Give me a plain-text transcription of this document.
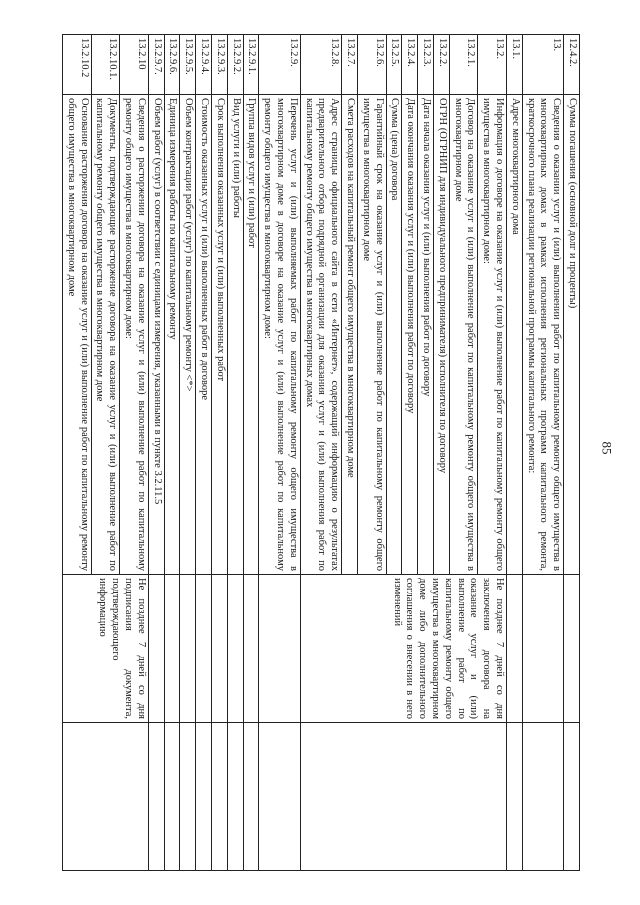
85
12.4.2.	Сумма погашения (основной долг и проценты)		
13.	Сведения о оказании услуг и (или) выполнении работ по капитальному ремонту общего имущества в многоквартирных домах в рамках исполнения региональных программ капитального ремонта, краткосрочного плана реализации региональной программы капитального ремонта:		
13.1.	Адрес многоквартирного дома		
13.2.	Информация о договоре на оказание услуг и (или) выполнение работ по капитальному ремонту общего имущества в многоквартирном доме:	Не позднее 7 дней со дня заключения договора на оказание услуг и (или) выполнение работ по капитальному ремонту общего имущества в многоквартирном доме либо дополнительного соглашения о внесении в него изменений	
13.2.1.	Договор на оказание услуг и (или) выполнение работ по капитальному ремонту общего имущества в многоквартирном доме		
13.2.2.	ОГРН (ОГРНИП для индивидуального предпринимателя) исполнителя по договору		
13.2.3.	Дата начала оказания услуг и (или) выполнения работ по договору		
13.2.4.	Дата окончания оказания услуг и (или) выполнения работ по договору		
13.2.5.	Сумма (цена) договора		
13.2.6.	Гарантийный срок на оказание услуг и (или) выполнение работ по капитальному ремонту общего имущества в многоквартирном доме		
13.2.7.	Смета расходов на капитальный ремонт общего имущества в многоквартирном доме		
13.2.8.	Адрес страницы официального сайта в сети «Интернет», содержащий информацию о результатах предварительного отбора подрядной организации для оказания услуг и (или) выполнения работ по капитальному ремонту общего имущества в многоквартирных домах		
13.2.9.	Перечень услуг и (или) выполняемых работ по капитальному ремонту общего имущества в многоквартирном доме в договоре на оказание услуг и (или) выполнение работ по капитальному ремонту общего имущества в многоквартирном доме:		
13.2.9.1.	Группа видов услуг и (или) работ		
13.2.9.2.	Вид услуги и (или) работы		
13.2.9.3.	Срок выполнения оказанных услуг и (или) выполненных работ		
13.2.9.4.	Стоимость оказанных услуг и (или) выполненных работ в договоре		
13.2.9.5.	Объем контрактации работ (услуг) по капитальному ремонту <*>		
13.2.9.6.	Единица измерения работы по капитальному ремонту		
13.2.9.7.	Объем работ (услуг) в соответствии с единицами измерения, указанными в пункте 3.2.11.5		
13.2.10	Сведения о расторжении договора на оказание услуг и (или) выполнение работ по капитальному ремонту общего имущества в многоквартирном доме:	Не позднее 7 дней со дня подписания документа, подтверждающего информацию	
13.2.10.1.	Документы, подтверждающие расторжение договора на оказание услуг и (или) выполнение работ по капитальному ремонту общего имущества в многоквартирном доме		
13.2.10.2	Основание расторжения договора на оказание услуг и (или) выполнение работ по капитальному ремонту общего имущества в многоквартирном доме		
